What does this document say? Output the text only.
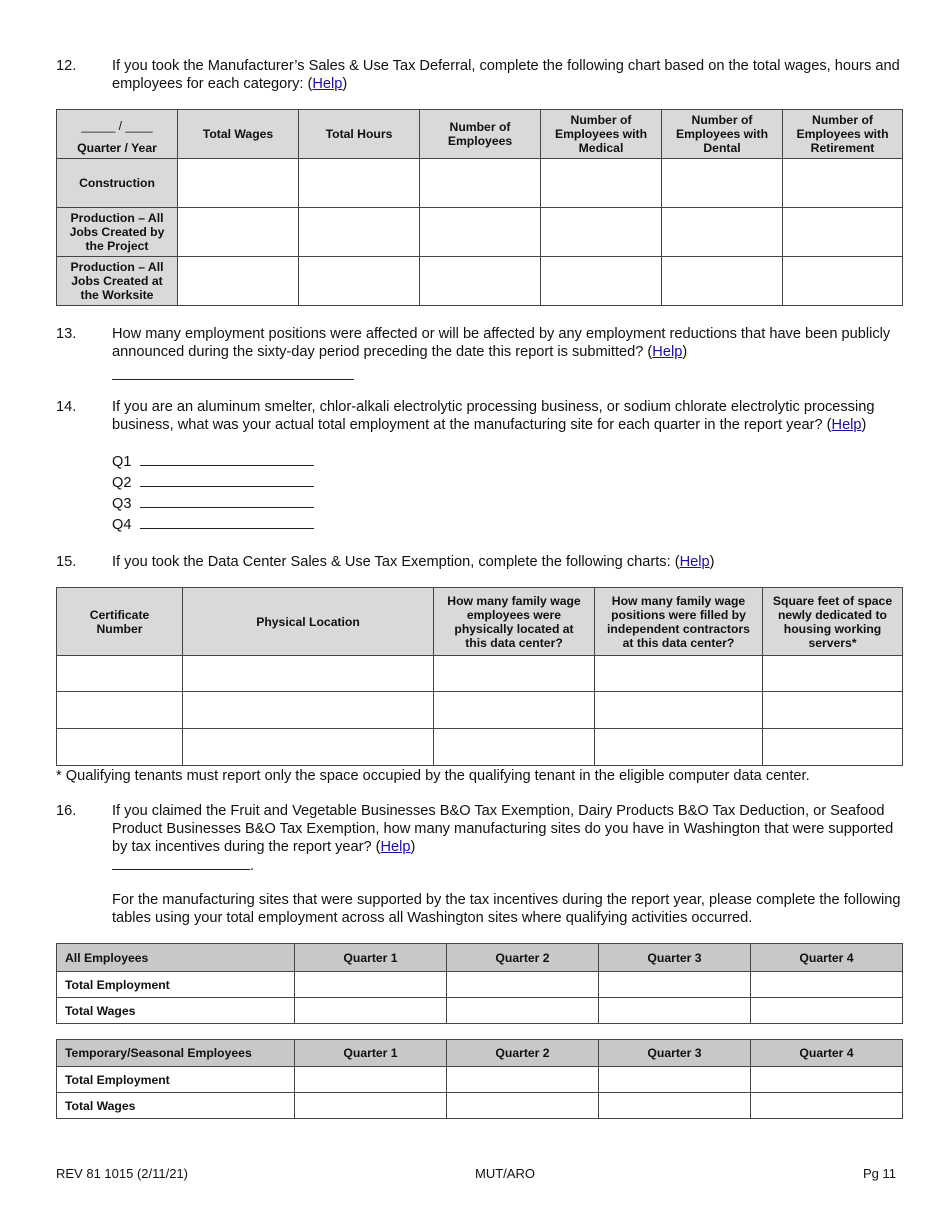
12. If you took the Manufacturer’s Sales & Use Tax Deferral, complete the following chart based on the total wages, hours and employees for each category: (Help)
_____ / ____
Quarter / Year	Total Wages	Total Hours	Number of Employees	Number of Employees with Medical	Number of Employees with Dental	Number of Employees with Retirement
Construction						
Production – All Jobs Created by the Project						
Production – All Jobs Created at the Worksite						
13. How many employment positions were affected or will be affected by any employment reductions that have been publicly announced during the sixty-day period preceding the date this report is submitted? (Help)
14. If you are an aluminum smelter, chlor-alkali electrolytic processing business, or sodium chlorate electrolytic processing business, what was your actual total employment at the manufacturing site for each quarter in the report year? (Help)
Q1
Q2
Q3
Q4
15. If you took the Data Center Sales & Use Tax Exemption, complete the following charts: (Help)
Certificate Number	Physical Location	How many family wage employees were physically located at this data center?	How many family wage positions were filled by independent contractors at this data center?	Square feet of space newly dedicated to housing working servers*

* Qualifying tenants must report only the space occupied by the qualifying tenant in the eligible computer data center.
16. If you claimed the Fruit and Vegetable Businesses B&O Tax Exemption, Dairy Products B&O Tax Deduction, or Seafood Product Businesses B&O Tax Exemption, how many manufacturing sites do you have in Washington that were supported by tax incentives during the report year? (Help)
.
For the manufacturing sites that were supported by the tax incentives during the report year, please complete the following tables using your total employment across all Washington sites where qualifying activities occurred.
All Employees	Quarter 1	Quarter 2	Quarter 3	Quarter 4
Total Employment				
Total Wages				
Temporary/Seasonal Employees	Quarter 1	Quarter 2	Quarter 3	Quarter 4
Total Employment				
Total Wages				
REV 81 1015 (2/11/21)	MUT/ARO	Pg 11
